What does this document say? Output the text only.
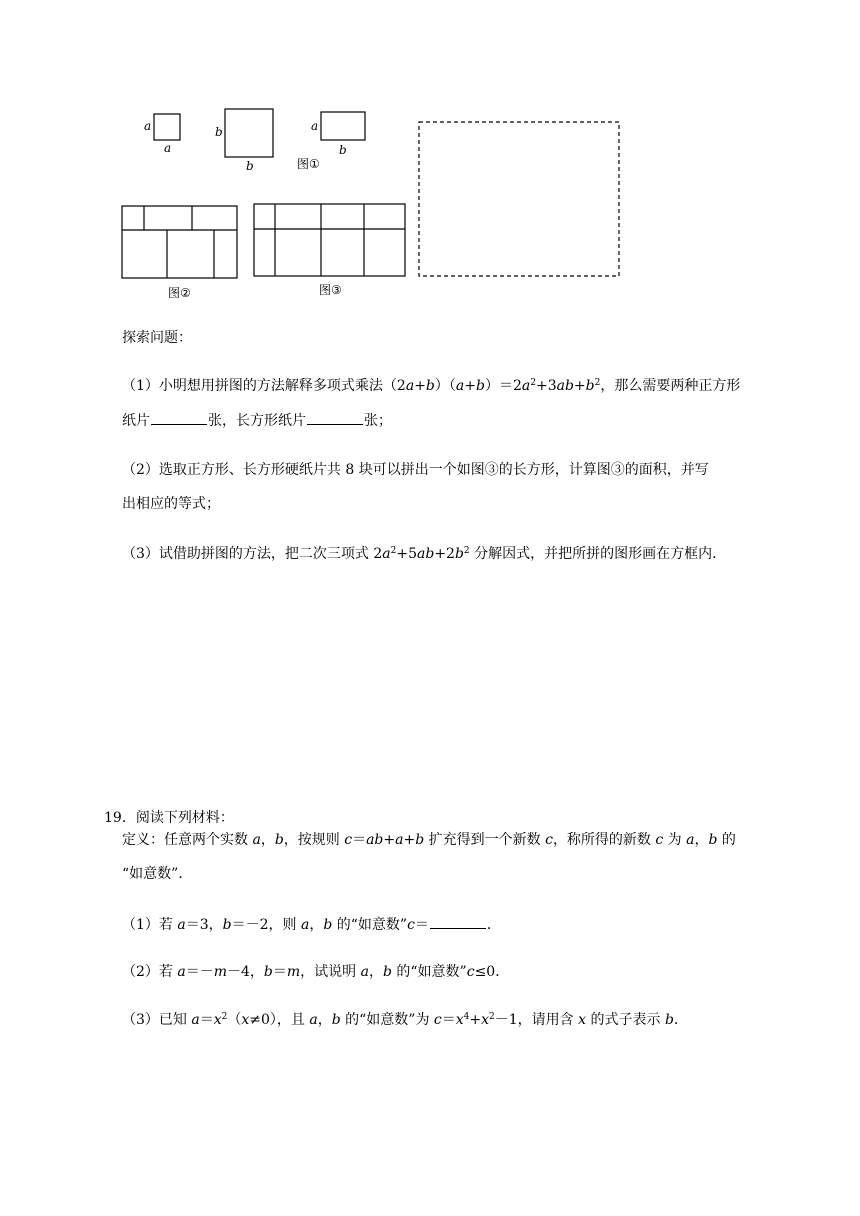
a
a
b
b
a
b
图①
图②	图③
探索问题：
（1）小明想用拼图的方法解释多项式乘法$(2a+b)(a+b)=2a^2+3ab+b^2$，那么需要两种正方形
纸片	张，长方形纸片	张；
（2）选取正方形、长方形硬纸片共 8 块可以拼出一个如图③的长方形，计算图③的面积，并写
出相应的等式；
（3）试借助拼图的方法，把二次三项式 $2a^2+5ab+2b^2$ 分解因式，并把所拼的图形画在方框内．
19．阅读下列材料：
定义：任意两个实数 a，b，按规则 c＝ab+a+b 扩充得到一个新数 c，称所得的新数 c 为 a，b 的
“如意数”．
（1）若 a＝3，b＝－2，则 a，b 的“如意数”c＝	．
（2）若 a＝－m－4，b＝m，试说明 a，b 的“如意数”c≤0．
（3）已知 $a=x^2(x\ne 0)$，且 a，b 的“如意数”为 $c=x^4+x^2-1$，请用含 x 的式子表示 b．
